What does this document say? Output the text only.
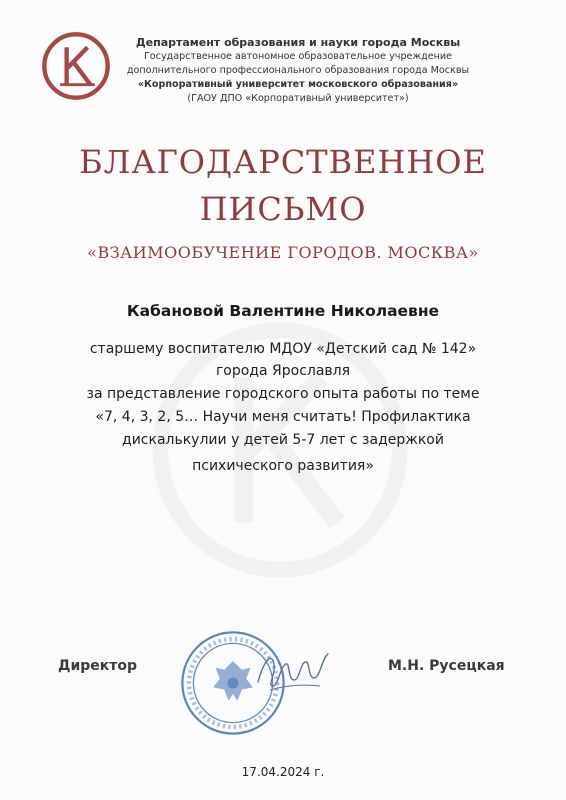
Департамент образования и науки города Москвы
Государственное автономное образовательное учреждение
дополнительного профессионального образования города Москвы
«Корпоративный университет московского образования»
(ГАОУ ДПО «Корпоративный университет»)
БЛАГОДАРСТВЕННОЕ
ПИСЬМО
«ВЗАИМООБУЧЕНИЕ ГОРОДОВ. МОСКВА»
Кабановой Валентине Николаевне
старшему воспитателю МДОУ «Детский сад № 142»
города Ярославля
за представление городского опыта работы по теме
«7, 4, 3, 2, 5… Научи меня считать! Профилактика
дискалькулии у детей 5-7 лет с задержкой
психического развития»
Директор	М.Н. Русецкая
17.04.2024 г.
